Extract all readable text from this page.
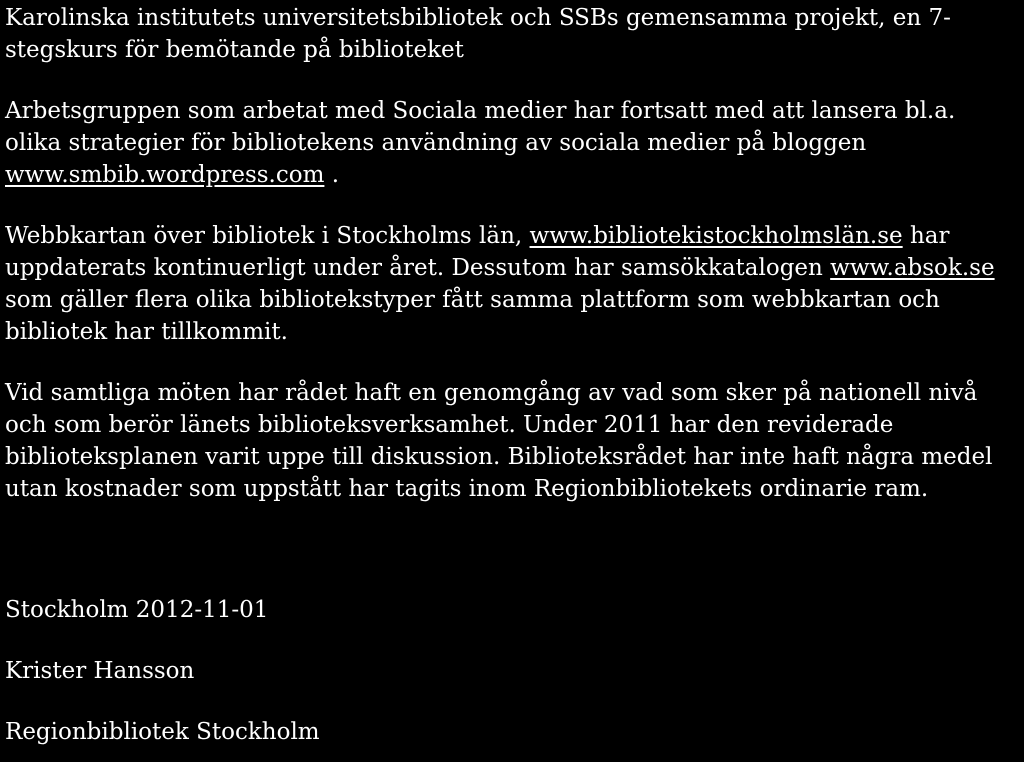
Karolinska institutets universitetsbibliotek och SSBs gemensamma projekt, en 7-stegskurs för bemötande på biblioteket

Arbetsgruppen som arbetat med Sociala medier har fortsatt med att lansera bl.a. olika strategier för bibliotekens användning av sociala medier på bloggen www.smbib.wordpress.com .

Webbkartan över bibliotek i Stockholms län, www.bibliotekistockholmslän.se har uppdaterats kontinuerligt under året. Dessutom har samsökkatalogen www.absok.se som gäller flera olika bibliotekstyper fått samma plattform som webbkartan och bibliotek har tillkommit.

Vid samtliga möten har rådet haft en genomgång av vad som sker på nationell nivå och som berör länets biblioteksverksamhet. Under 2011 har den reviderade biblioteksplanen varit uppe till diskussion. Biblioteksrådet har inte haft några medel utan kostnader som uppstått har tagits inom Regionbibliotekets ordinarie ram.

Stockholm 2012-11-01

Krister Hansson

Regionbibliotek Stockholm
